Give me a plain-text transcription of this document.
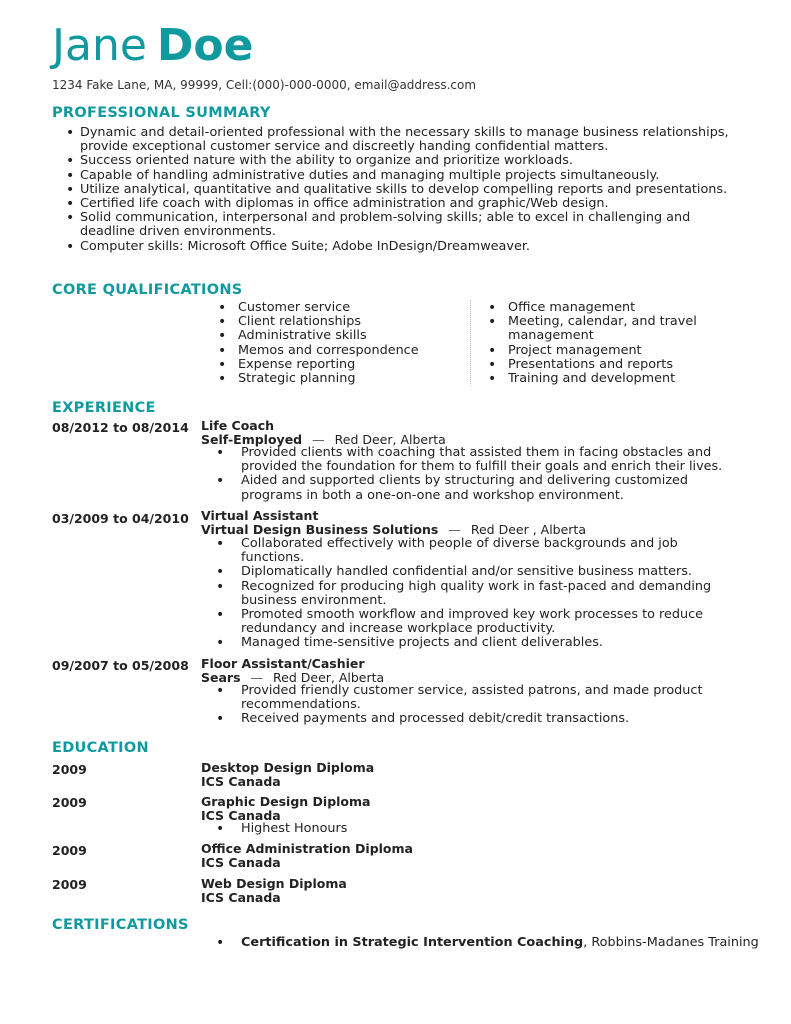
Jane Doe
1234 Fake Lane, MA, 99999, Cell:(000)-000-0000, email@address.com
PROFESSIONAL SUMMARY
• Dynamic and detail-oriented professional with the necessary skills to manage business relationships, provide exceptional customer service and discreetly handing confidential matters.
• Success oriented nature with the ability to organize and prioritize workloads.
• Capable of handling administrative duties and managing multiple projects simultaneously.
• Utilize analytical, quantitative and qualitative skills to develop compelling reports and presentations.
• Certified life coach with diplomas in office administration and graphic/Web design.
• Solid communication, interpersonal and problem-solving skills; able to excel in challenging and deadline driven environments.
• Computer skills: Microsoft Office Suite; Adobe InDesign/Dreamweaver.
CORE QUALIFICATIONS
• Customer service
• Client relationships
• Administrative skills
• Memos and correspondence
• Expense reporting
• Strategic planning
• Office management
• Meeting, calendar, and travel management
• Project management
• Presentations and reports
• Training and development
EXPERIENCE
08/2012 to 08/2014 Life Coach
Self-Employed — Red Deer, Alberta
• Provided clients with coaching that assisted them in facing obstacles and provided the foundation for them to fulfill their goals and enrich their lives.
• Aided and supported clients by structuring and delivering customized programs in both a one-on-one and workshop environment.
03/2009 to 04/2010 Virtual Assistant
Virtual Design Business Solutions — Red Deer , Alberta
• Collaborated effectively with people of diverse backgrounds and job functions.
• Diplomatically handled confidential and/or sensitive business matters.
• Recognized for producing high quality work in fast-paced and demanding business environment.
• Promoted smooth workflow and improved key work processes to reduce redundancy and increase workplace productivity.
• Managed time-sensitive projects and client deliverables.
09/2007 to 05/2008 Floor Assistant/Cashier
Sears — Red Deer, Alberta
• Provided friendly customer service, assisted patrons, and made product recommendations.
• Received payments and processed debit/credit transactions.
EDUCATION
2009	Desktop Design Diploma
ICS Canada
2009	Graphic Design Diploma
ICS Canada
• Highest Honours
2009	Office Administration Diploma
ICS Canada
2009	Web Design Diploma
ICS Canada
CERTIFICATIONS
• Certification in Strategic Intervention Coaching, Robbins-Madanes Training
